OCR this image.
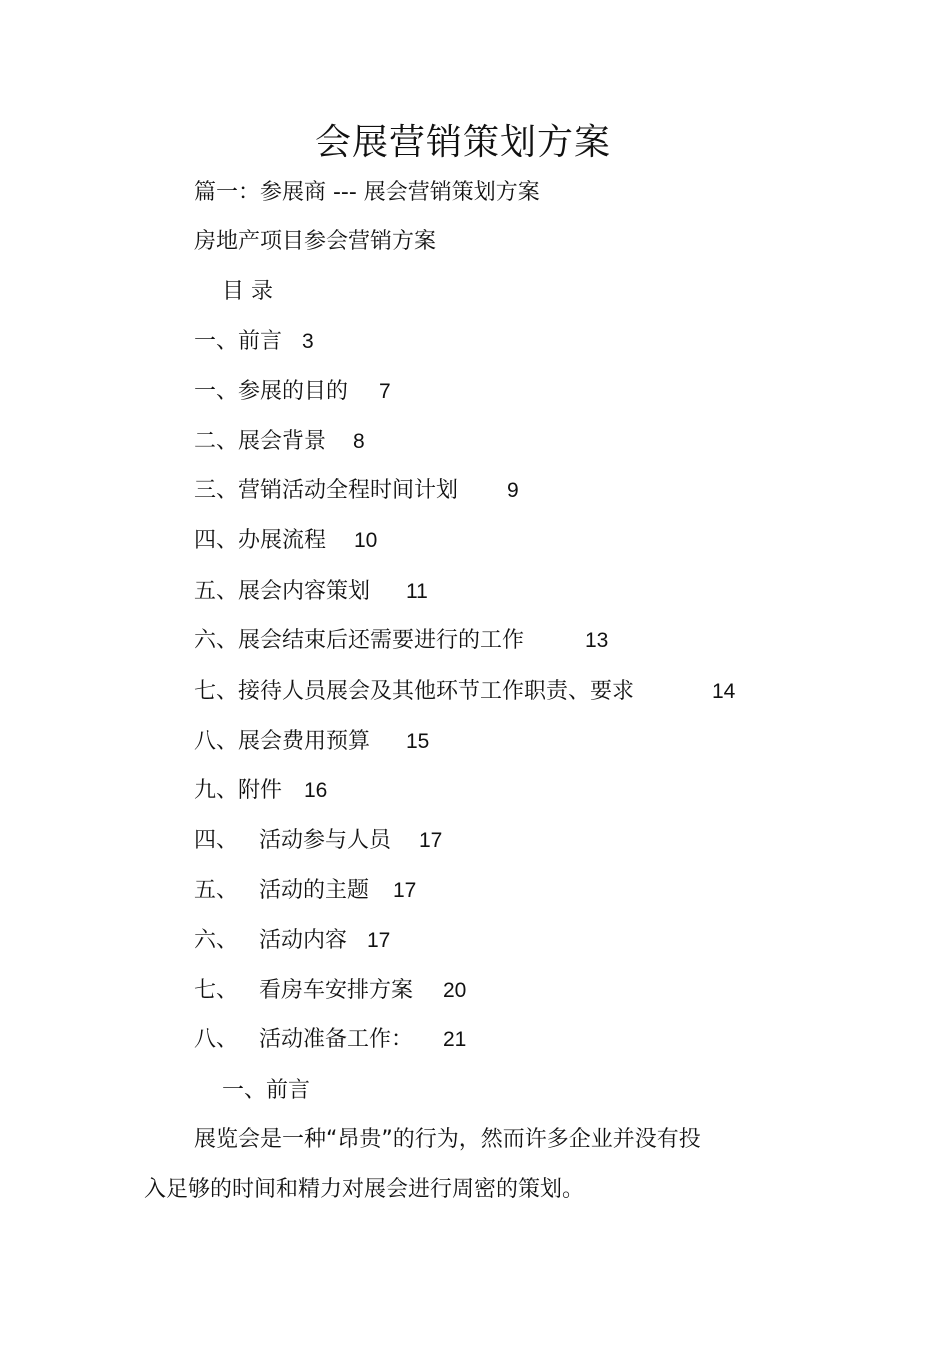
会展营销策划方案
篇一：参展商 --- 展会营销策划方案
房地产项目参会营销方案
目 录
一、前言 3
一、参展的目的 7
二、展会背景 8
三、营销活动全程时间计划 9
四、办展流程 10
五、展会内容策划 11
六、展会结束后还需要进行的工作	13
七、接待人员展会及其他环节工作职责、要求	14
八、展会费用预算 15
九、附件 16
四、   活动参与人员 17
五、   活动的主题 17
六、   活动内容 17
七、   看房车安排方案 20
八、   活动准备工作： 21
一、前言
展览会是一种“昂贵”的行为，然而许多企业并没有投
入足够的时间和精力对展会进行周密的策划。
